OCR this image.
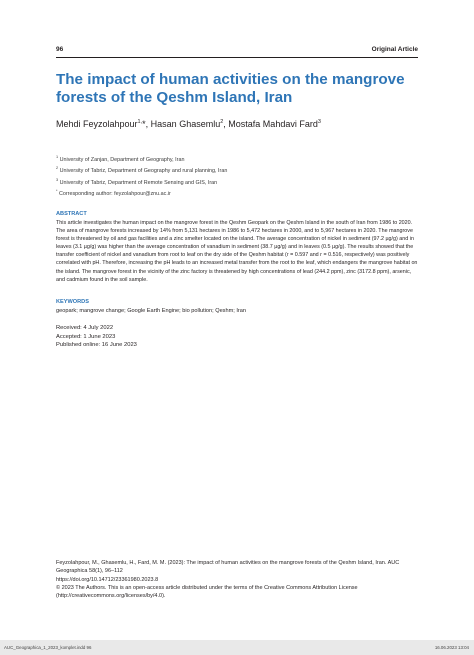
96	Original Article
The impact of human activities on the mangrove forests of the Qeshm Island, Iran
Mehdi Feyzolahpour$^{1,}$*, Hasan Ghasemlu$^2$, Mostafa Mahdavi Fard$^3$
$^1$ University of Zanjan, Department of Geography, Iran
$^2$ University of Tabriz, Department of Geography and rural planning, Iran
$^3$ University of Tabriz, Department of Remote Sensing and GIS, Iran
* Corresponding author: feyzolahpour@znu.ac.ir
ABSTRACT
This article investigates the human impact on the mangrove forest in the Qeshm Geopark on the Qeshm Island in the south of Iran from 1986 to 2020. The area of mangrove forests increased by 14% from 5,131 hectares in 1986 to 5,472 hectares in 2000, and to 5,967 hectares in 2020. The mangrove forest is threatened by oil and gas facilities and a zinc smelter located on the island. The average concentration of nickel in sediment (97.2 µg/g) and in leaves (3.1 µg/g) was higher than the average concentration of vanadium in sediment (38.7 µg/g) and in leaves (0.5 µg/g). The results showed that the transfer coefficient of nickel and vanadium from root to leaf on the dry side of the Qeshm habitat (r = 0.597 and r = 0.516, respectively) was positively correlated with pH. Therefore, increasing the pH leads to an increased metal transfer from the root to the leaf, which endangers the mangrove habitat on the island. The mangrove forest in the vicinity of the zinc factory is threatened by high concentrations of lead (244.2 ppm), zinc (3172.8 ppm), arsenic, and cadmium found in the soil sample.
KEYWORDS
geopark; mangrove change; Google Earth Engine; bio pollution; Qeshm; Iran
Received: 4 July 2022
Accepted: 1 June 2023
Published online: 16 June 2023
Feyzolahpour, M., Ghasemlu, H., Fard, M. M. (2023): The impact of human activities on the mangrove forests of the Qeshm Island, Iran. AUC Geographica 58(1), 96–112
https://doi.org/10.14712/23361980.2023.8
© 2023 The Authors. This is an open-access article distributed under the terms of the Creative Commons Attribution License (http://creativecommons.org/licenses/by/4.0).
AUC_Geographica_1_2023_komplet.indd 96	16.06.2023 13:04
